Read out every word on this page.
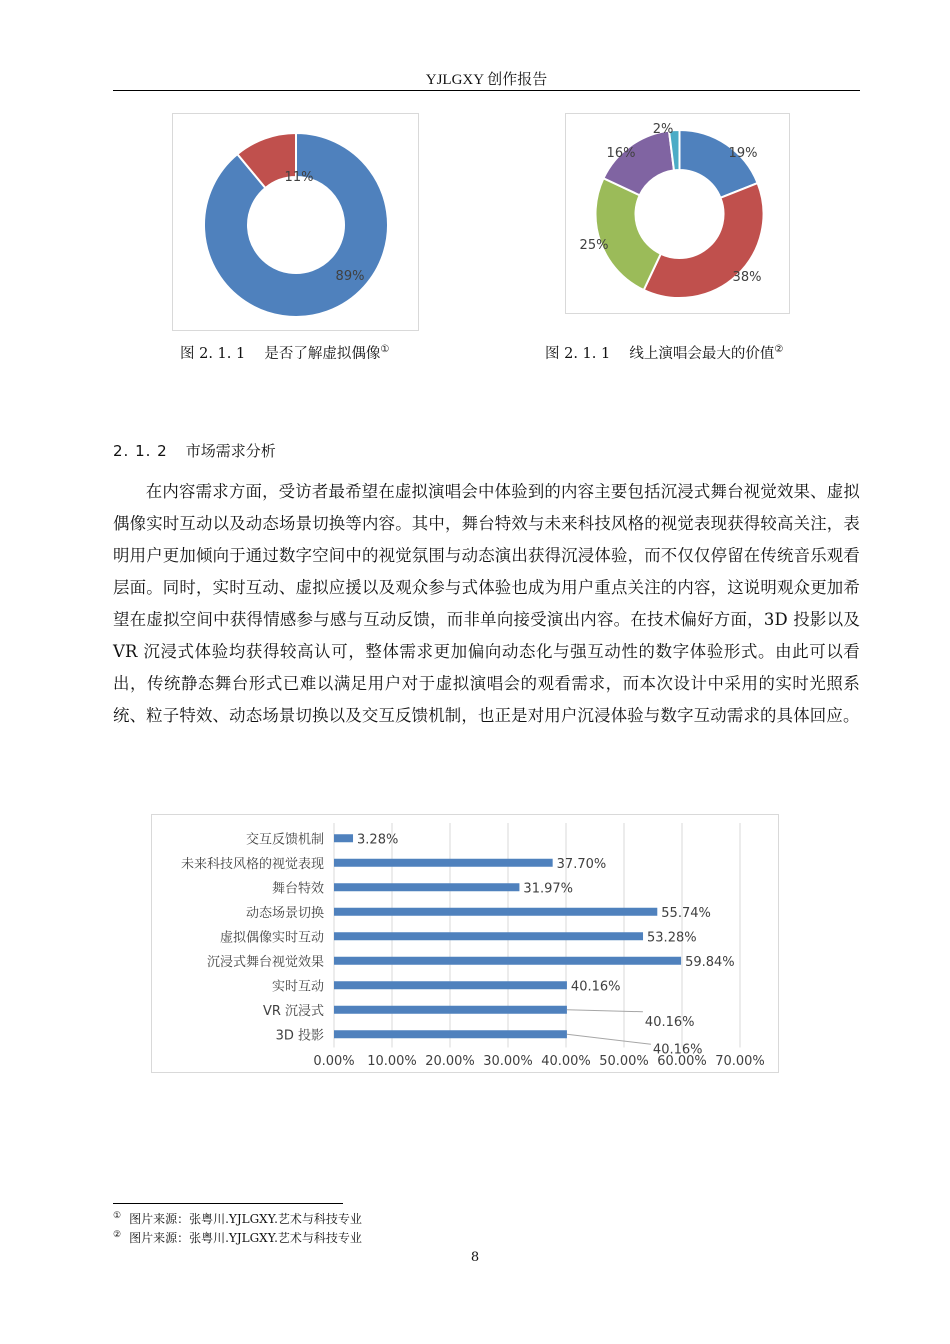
YJLGXY 创作报告
89%
11%
19%
38%
25%
16%
2%
图 2. 1. 1　 是否了解虚拟偶像①	图 2. 1. 1　 线上演唱会最大的价值②
2. 1. 2 市场需求分析
在内容需求方面，受访者最希望在虚拟演唱会中体验到的内容主要包括沉浸式舞台视觉效果、虚拟偶像实时互动以及动态场景切换等内容。其中，舞台特效与未来科技风格的视觉表现获得较高关注，表明用户更加倾向于通过数字空间中的视觉氛围与动态演出获得沉浸体验，而不仅仅停留在传统音乐观看层面。同时，实时互动、虚拟应援以及观众参与式体验也成为用户重点关注的内容，这说明观众更加希望在虚拟空间中获得情感参与感与互动反馈，而非单向接受演出内容。在技术偏好方面，3D 投影以及 VR 沉浸式体验均获得较高认可，整体需求更加偏向动态化与强互动性的数字体验形式。由此可以看出，传统静态舞台形式已难以满足用户对于虚拟演唱会的观看需求，而本次设计中采用的实时光照系统、粒子特效、动态场景切换以及交互反馈机制，也正是对用户沉浸体验与数字互动需求的具体回应。
0.00% 10.00% 20.00% 30.00% 40.00% 50.00% 60.00% 70.00%
交互反馈机制	3.28%
未来科技风格的视觉表现	37.70%
舞台特效	31.97%
动态场景切换	55.74%
虚拟偶像实时互动	53.28%
沉浸式舞台视觉效果	59.84%
实时互动	40.16%
VR 沉浸式
40.16%
3D 投影
40.16%
① 图片来源：张粤川.YJLGXY.艺术与科技专业
② 图片来源：张粤川.YJLGXY.艺术与科技专业
8
